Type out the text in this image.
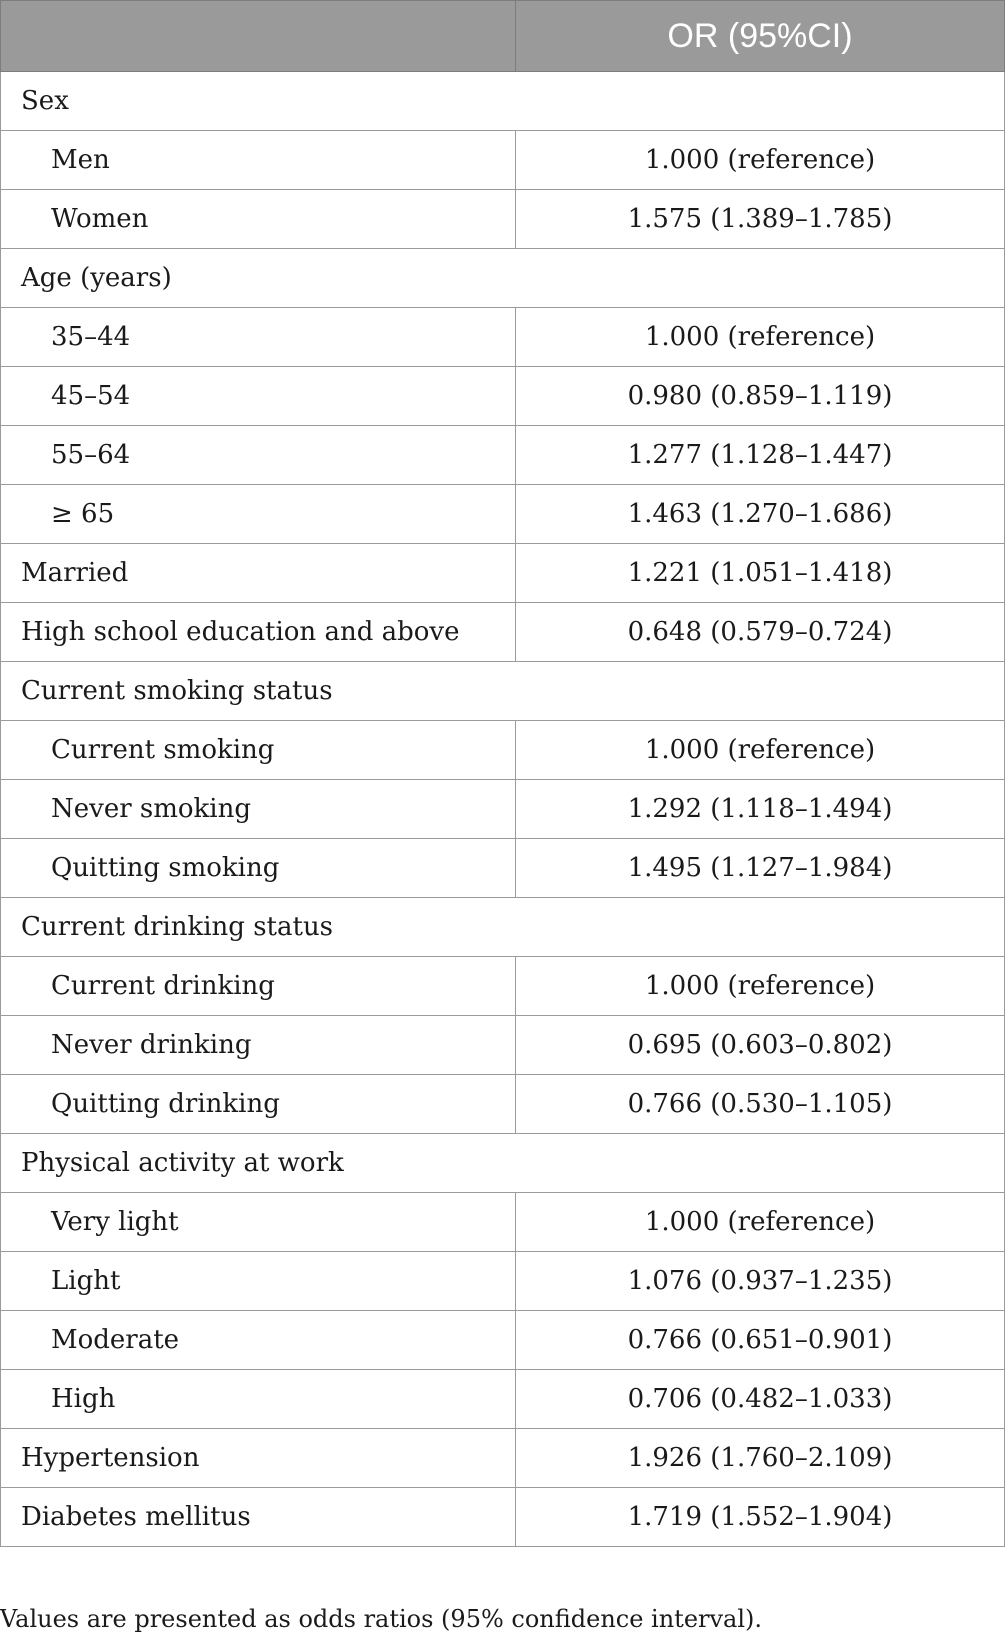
	OR (95%CI)
Sex	
Men	1.000 (reference)
Women	1.575 (1.389–1.785)
Age (years)	
35–44	1.000 (reference)
45–54	0.980 (0.859–1.119)
55–64	1.277 (1.128–1.447)
≥ 65	1.463 (1.270–1.686)
Married	1.221 (1.051–1.418)
High school education and above	0.648 (0.579–0.724)
Current smoking status	
Current smoking	1.000 (reference)
Never smoking	1.292 (1.118–1.494)
Quitting smoking	1.495 (1.127–1.984)
Current drinking status	
Current drinking	1.000 (reference)
Never drinking	0.695 (0.603–0.802)
Quitting drinking	0.766 (0.530–1.105)
Physical activity at work	
Very light	1.000 (reference)
Light	1.076 (0.937–1.235)
Moderate	0.766 (0.651–0.901)
High	0.706 (0.482–1.033)
Hypertension	1.926 (1.760–2.109)
Diabetes mellitus	1.719 (1.552–1.904)
Values are presented as odds ratios (95% confidence interval).
